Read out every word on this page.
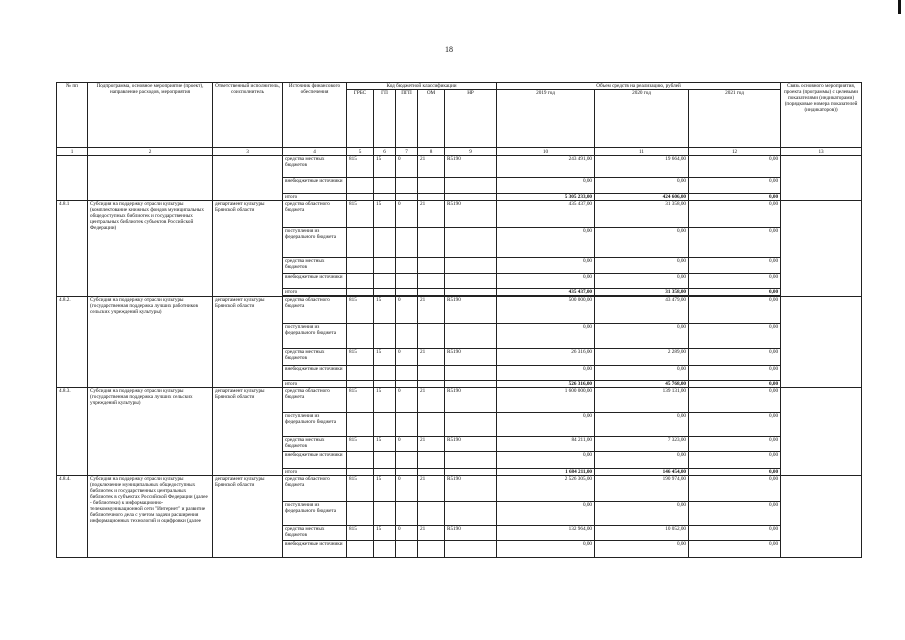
18
№ пп	Подпрограмма, основное мероприятие (проект), направление расходов, мероприятия	Ответственный исполнитель, соисполнитель	Источник финансового обеспечения	Код бюджетной классификации					Объем средств на реализацию, рублей			Связь основного мероприятия, проекта (программы) с целевыми показателями (индикаторами) (порядковые номера показателей (индикаторов))
				ГРБС	ГП	ПГП	ОМ	НР	2019 год	2020 год	2021 год	
1	2	3	4	5	6	7	8	9	10	11	12	13
			средства местных бюджетов	815	15	0	21	R5190	243 491,00	19 664,00	0,00	
			внебюджетные источники						0,00	0,00	0,00	
			итого						5 305 233,00	424 606,00	0,00	
4.8.1	Субсидия на поддержку отрасли культуры (комплектование книжных фондов муниципальных общедоступных библиотек и государственных центральных библиотек субъектов Российской Федерации)	департамент культуры Брянской области	средства областного бюджета	815	15	0	21	R5190	435 437,00	31 358,00	0,00	
			поступления из федерального бюджета						0,00	0,00	0,00	
			средства местных бюджетов						0,00	0,00	0,00	
			внебюджетные источники						0,00	0,00	0,00	
			итого						435 437,00	31 358,00	0,00	

4.8.2.	Субсидия на поддержку отрасли культуры (государственная поддержка лучших работников сельских учреждений культуры)	департамент культуры Брянской области	средства областного бюджета	815	15	0	21	R5190	500 000,00	43 479,00	0,00	
			поступления из федерального бюджета						0,00	0,00	0,00	
			средства местных бюджетов	815	15	0	21	R5190	26 316,00	2 289,00	0,00	
			внебюджетные источники						0,00	0,00	0,00	
			итого						526 316,00	45 768,00	0,00	
4.8.3.	Субсидия на поддержку отрасли культуры (государственная поддержка лучших сельских учреждений культуры)	департамент культуры Брянской области	средства областного бюджета	815	15	0	21	R5190	1 600 000,00	139 131,00	0,00	
			поступления из федерального бюджета						0,00	0,00	0,00	
			средства местных бюджетов	815	15	0	21	R5190	84 211,00	7 323,00	0,00	
			внебюджетные источники						0,00	0,00	0,00	
			итого						1 684 211,00	146 454,00	0,00	
4.8.4.	Субсидия на поддержку отрасли культуры (подключение муниципальных общедоступных библиотек и государственных центральных библиотек в субъектах Российской Федерации (далее - библиотеки) к информационно-телекоммуникационной сети "Интернет" и развитие библиотечного дела с учетом задачи расширения информационных технологий и оцифровки (далее	департамент культуры Брянской области	средства областного бюджета	815	15	0	21	R5190	2 526 305,00	190 974,00	0,00	
			поступления из федерального бюджета						0,00	0,00	0,00	
			средства местных бюджетов	815	15	0	21	R5190	132 964,00	10 052,00	0,00	
			внебюджетные источники						0,00	0,00	0,00	
